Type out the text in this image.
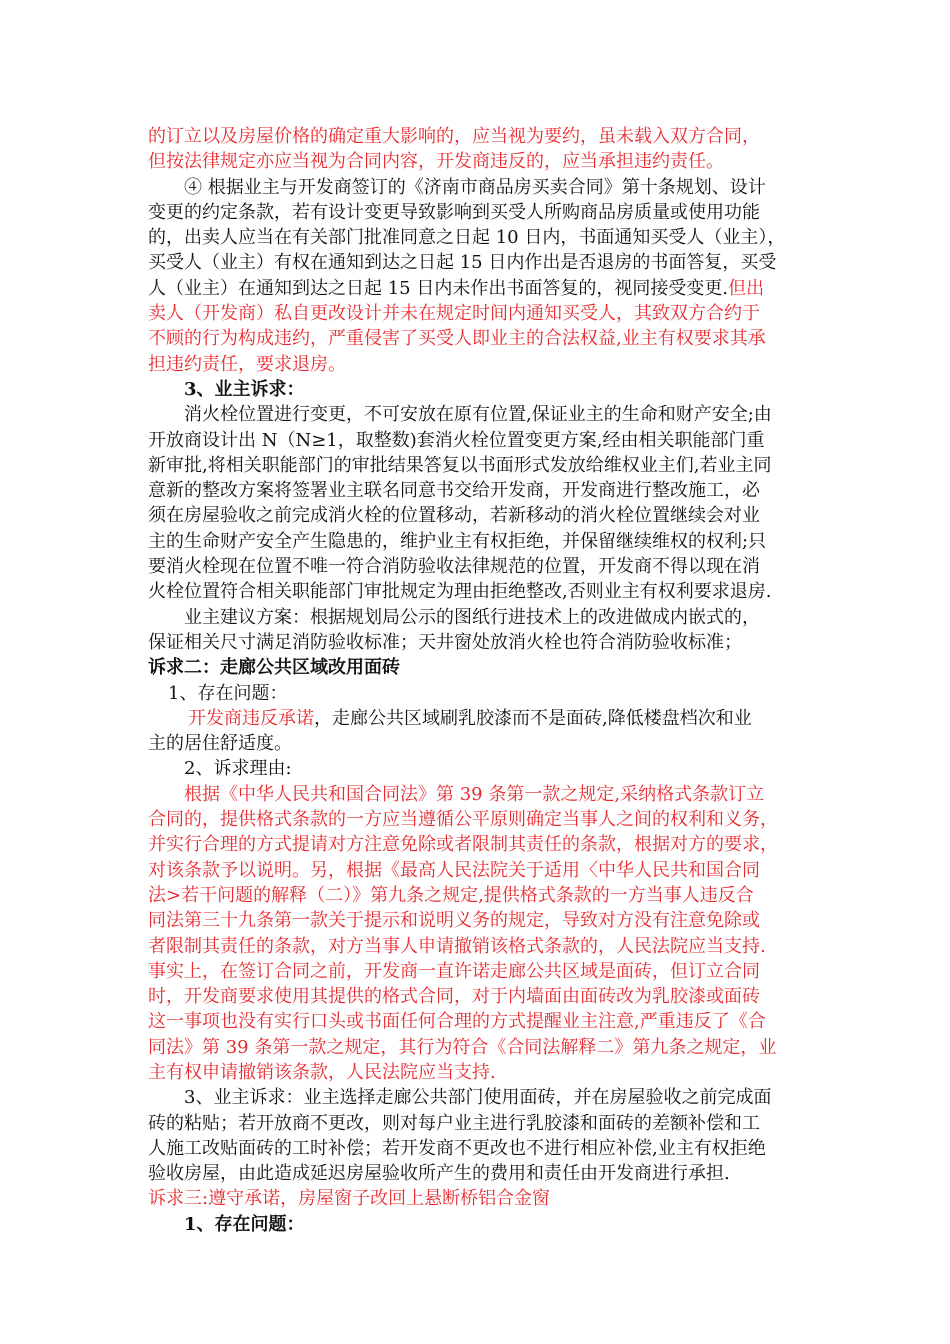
的订立以及房屋价格的确定重大影响的，应当视为要约，虽未载入双方合同，
但按法律规定亦应当视为合同内容，开发商违反的，应当承担违约责任。
④ 根据业主与开发商签订的《济南市商品房买卖合同》第十条规划、设计
变更的约定条款，若有设计变更导致影响到买受人所购商品房质量或使用功能
的，出卖人应当在有关部门批准同意之日起 10 日内，书面通知买受人（业主），
买受人（业主）有权在通知到达之日起 15 日内作出是否退房的书面答复，买受
人（业主）在通知到达之日起 15 日内未作出书面答复的，视同接受变更.但出
卖人（开发商）私自更改设计并未在规定时间内通知买受人，其致双方合约于
不顾的行为构成违约，严重侵害了买受人即业主的合法权益,业主有权要求其承
担违约责任，要求退房。
3、业主诉求：
消火栓位置进行变更，不可安放在原有位置,保证业主的生命和财产安全;由
开放商设计出 N（N≥1，取整数)套消火栓位置变更方案,经由相关职能部门重
新审批,将相关职能部门的审批结果答复以书面形式发放给维权业主们,若业主同
意新的整改方案将签署业主联名同意书交给开发商，开发商进行整改施工，必
须在房屋验收之前完成消火栓的位置移动，若新移动的消火栓位置继续会对业
主的生命财产安全产生隐患的，维护业主有权拒绝，并保留继续维权的权利;只
要消火栓现在位置不唯一符合消防验收法律规范的位置，开发商不得以现在消
火栓位置符合相关职能部门审批规定为理由拒绝整改,否则业主有权利要求退房.
业主建议方案：根据规划局公示的图纸行进技术上的改进做成内嵌式的，
保证相关尺寸满足消防验收标准；天井窗处放消火栓也符合消防验收标准；
诉求二：走廊公共区域改用面砖
1、存在问题：
开发商违反承诺，走廊公共区域刷乳胶漆而不是面砖,降低楼盘档次和业
主的居住舒适度。
2、诉求理由:
根据《中华人民共和国合同法》第 39 条第一款之规定,采纳格式条款订立
合同的，提供格式条款的一方应当遵循公平原则确定当事人之间的权利和义务，
并实行合理的方式提请对方注意免除或者限制其责任的条款，根据对方的要求，
对该条款予以说明。另，根据《最高人民法院关于适用〈中华人民共和国合同
法>若干问题的解释（二）》第九条之规定,提供格式条款的一方当事人违反合
同法第三十九条第一款关于提示和说明义务的规定，导致对方没有注意免除或
者限制其责任的条款，对方当事人申请撤销该格式条款的，人民法院应当支持.
事实上，在签订合同之前，开发商一直许诺走廊公共区域是面砖，但订立合同
时，开发商要求使用其提供的格式合同，对于内墙面由面砖改为乳胶漆或面砖
这一事项也没有实行口头或书面任何合理的方式提醒业主注意,严重违反了《合
同法》第 39 条第一款之规定，其行为符合《合同法解释二》第九条之规定，业
主有权申请撤销该条款，人民法院应当支持.
3、业主诉求：业主选择走廊公共部门使用面砖，并在房屋验收之前完成面
砖的粘贴；若开放商不更改，则对每户业主进行乳胶漆和面砖的差额补偿和工
人施工改贴面砖的工时补偿；若开发商不更改也不进行相应补偿,业主有权拒绝
验收房屋，由此造成延迟房屋验收所产生的费用和责任由开发商进行承担.
诉求三:遵守承诺，房屋窗子改回上悬断桥铝合金窗
1、存在问题：
